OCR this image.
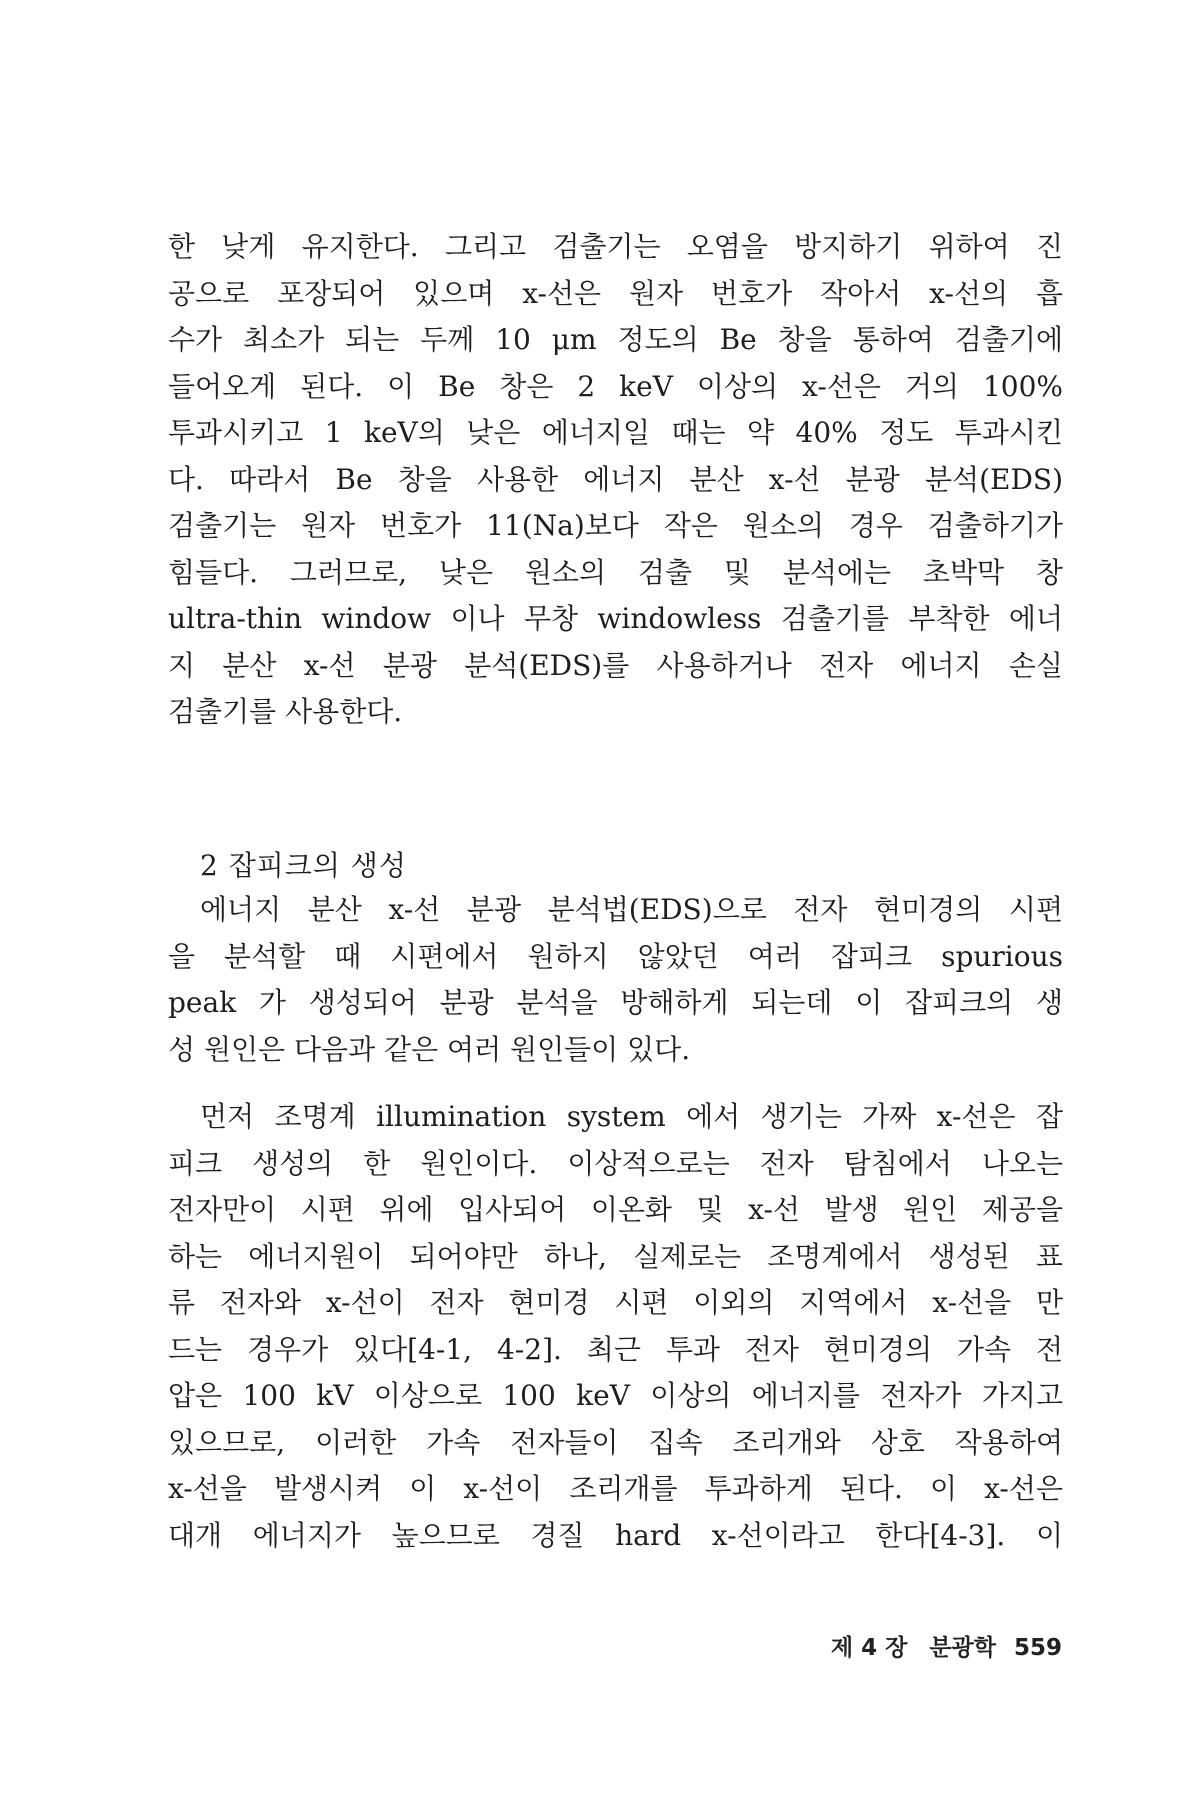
한 낮게 유지한다. 그리고 검출기는 오염을 방지하기 위하여 진
공으로 포장되어 있으며 x-선은 원자 번호가 작아서 x-선의 흡
수가 최소가 되는 두께 10 μm 정도의 Be 창을 통하여 검출기에
들어오게 된다. 이 Be 창은 2 keV 이상의 x-선은 거의 100%
투과시키고 1 keV의 낮은 에너지일 때는 약 40% 정도 투과시킨
다. 따라서 Be 창을 사용한 에너지 분산 x-선 분광 분석(EDS)
검출기는 원자 번호가 11(Na)보다 작은 원소의 경우 검출하기가
힘들다. 그러므로, 낮은 원소의 검출 및 분석에는 초박막 창
ultra-thin window 이나 무창 windowless 검출기를 부착한 에너
지 분산 x-선 분광 분석(EDS)를 사용하거나 전자 에너지 손실
검출기를 사용한다.
2 잡피크의 생성
에너지 분산 x-선 분광 분석법(EDS)으로 전자 현미경의 시편
을 분석할 때 시편에서 원하지 않았던 여러 잡피크 spurious
peak 가 생성되어 분광 분석을 방해하게 되는데 이 잡피크의 생
성 원인은 다음과 같은 여러 원인들이 있다.
먼저 조명계 illumination system 에서 생기는 가짜 x-선은 잡
피크 생성의 한 원인이다. 이상적으로는 전자 탐침에서 나오는
전자만이 시편 위에 입사되어 이온화 및 x-선 발생 원인 제공을
하는 에너지원이 되어야만 하나, 실제로는 조명계에서 생성된 표
류 전자와 x-선이 전자 현미경 시편 이외의 지역에서 x-선을 만
드는 경우가 있다[4-1, 4-2]. 최근 투과 전자 현미경의 가속 전
압은 100 kV 이상으로 100 keV 이상의 에너지를 전자가 가지고
있으므로, 이러한 가속 전자들이 집속 조리개와 상호 작용하여
x-선을 발생시켜 이 x-선이 조리개를 투과하게 된다. 이 x-선은
대개 에너지가 높으므로 경질 hard x-선이라고 한다[4-3]. 이
제 4 장 분광학 559
